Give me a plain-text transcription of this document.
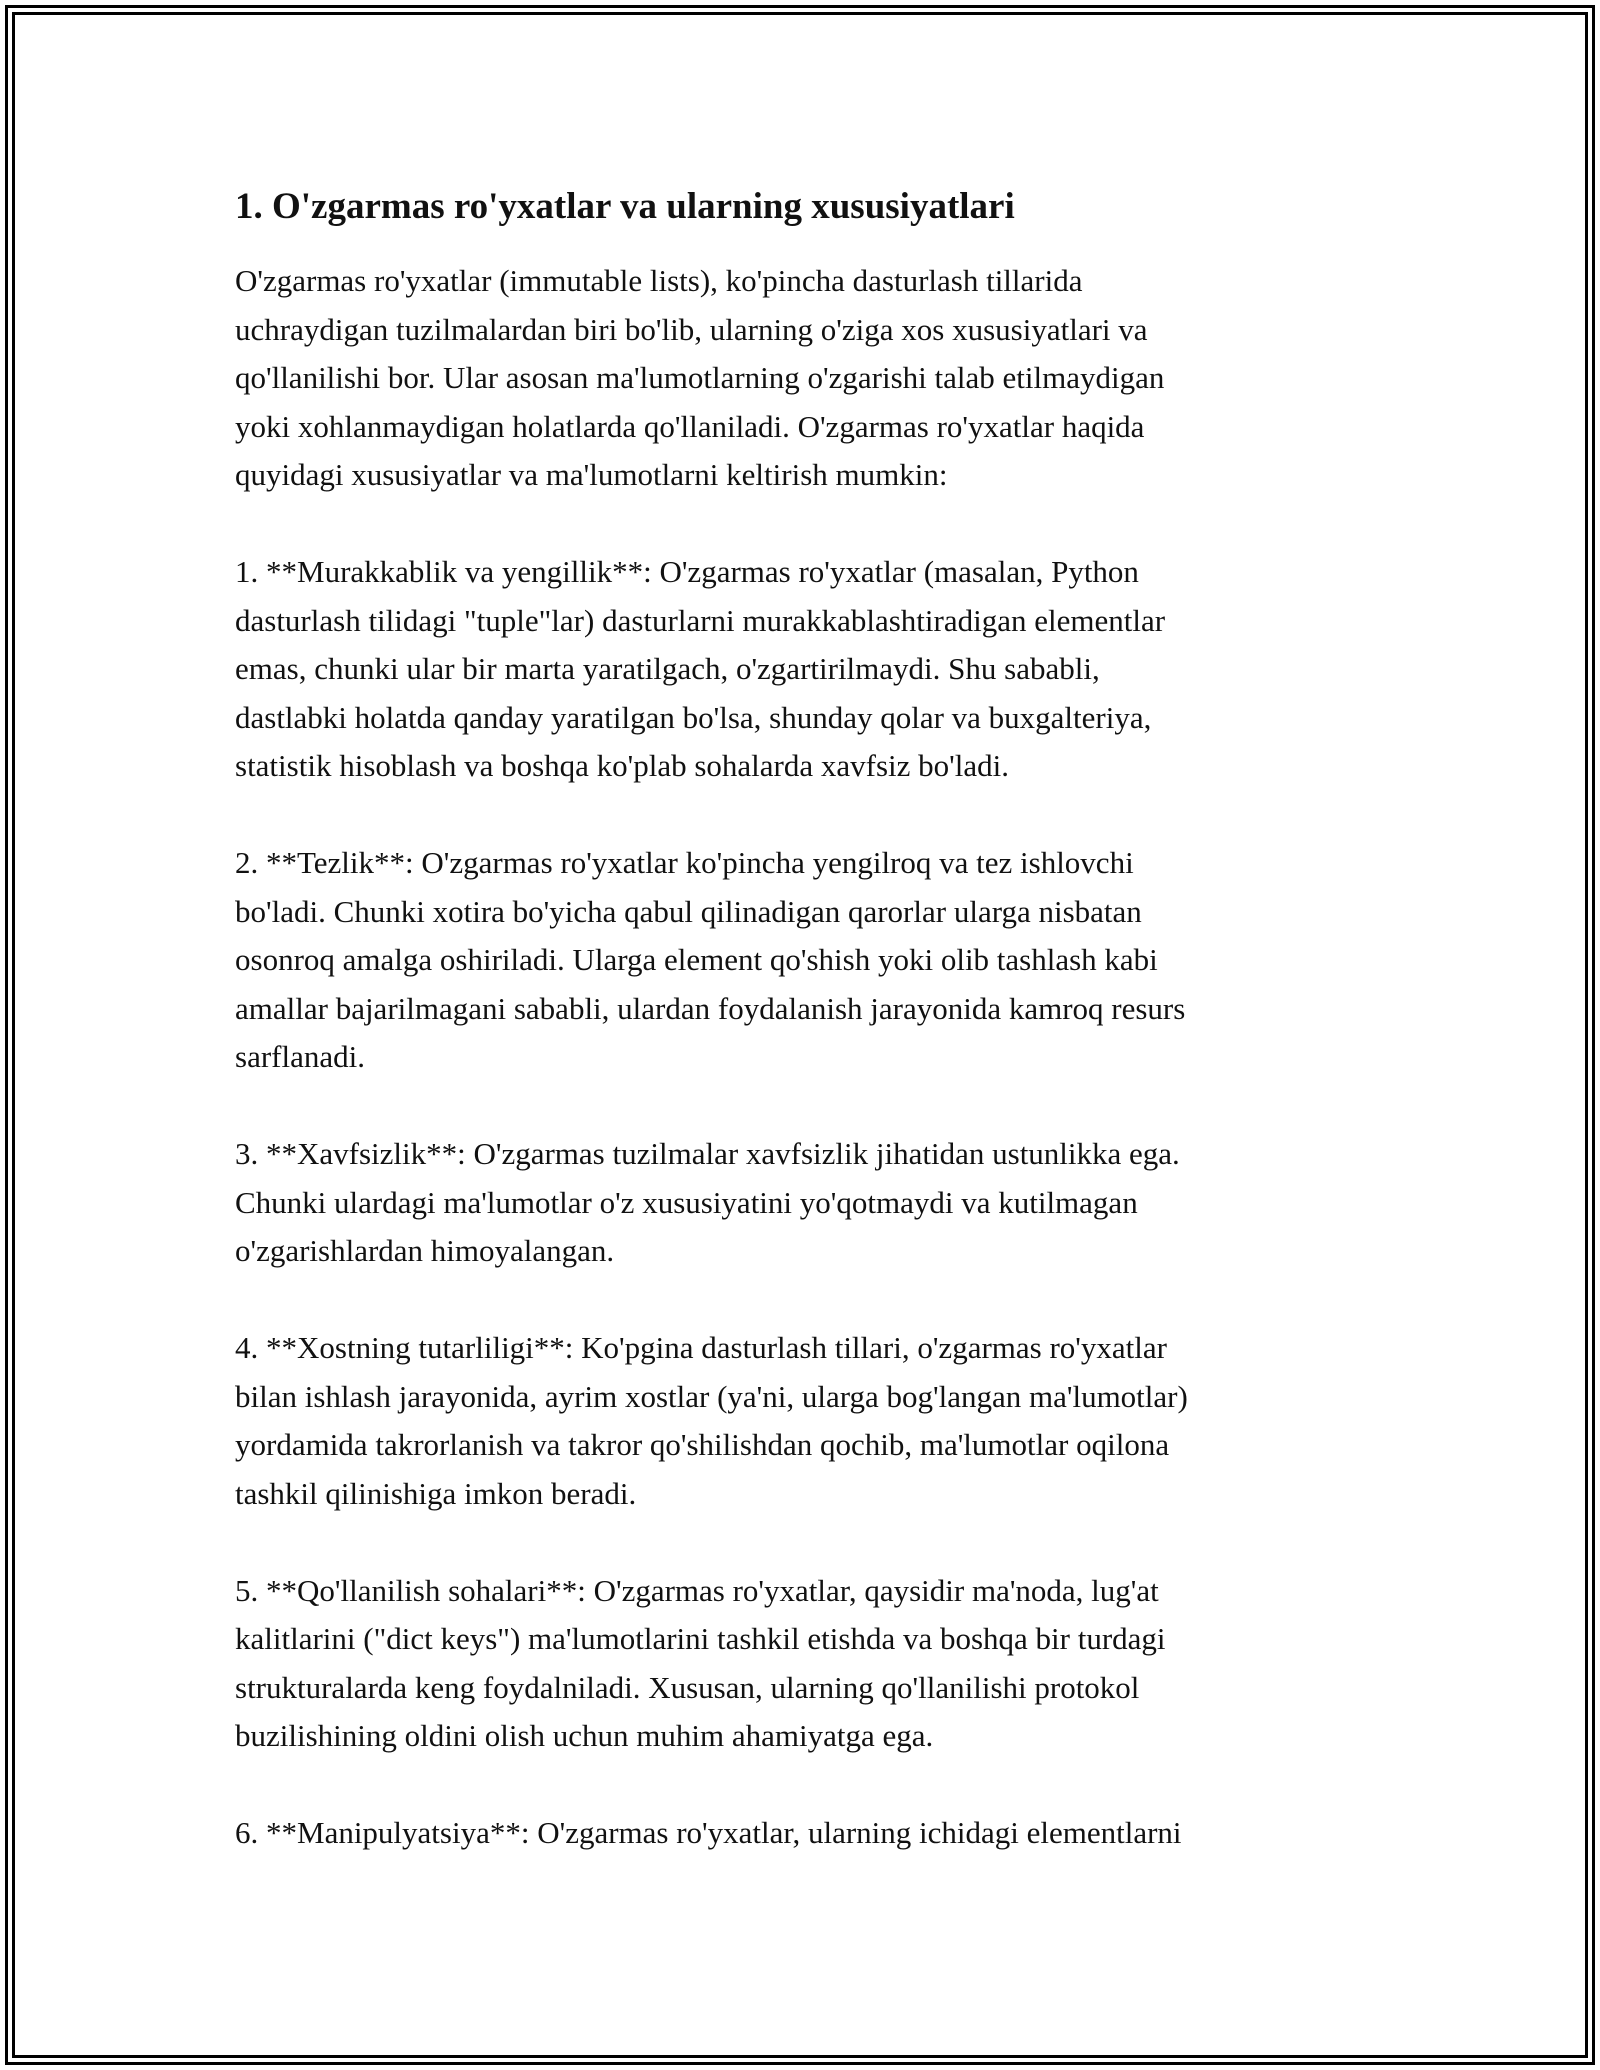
1. O'zgarmas ro'yxatlar va ularning xususiyatlari

O'zgarmas ro'yxatlar (immutable lists), ko'pincha dasturlash tillarida
uchraydigan tuzilmalardan biri bo'lib, ularning o'ziga xos xususiyatlari va
qo'llanilishi bor. Ular asosan ma'lumotlarning o'zgarishi talab etilmaydigan
yoki xohlanmaydigan holatlarda qo'llaniladi. O'zgarmas ro'yxatlar haqida
quyidagi xususiyatlar va ma'lumotlarni keltirish mumkin:

1. **Murakkablik va yengillik**: O'zgarmas ro'yxatlar (masalan, Python
dasturlash tilidagi "tuple"lar) dasturlarni murakkablashtiradigan elementlar
emas, chunki ular bir marta yaratilgach, o'zgartirilmaydi. Shu sababli,
dastlabki holatda qanday yaratilgan bo'lsa, shunday qolar va buxgalteriya,
statistik hisoblash va boshqa ko'plab sohalarda xavfsiz bo'ladi.

2. **Tezlik**: O'zgarmas ro'yxatlar ko'pincha yengilroq va tez ishlovchi
bo'ladi. Chunki xotira bo'yicha qabul qilinadigan qarorlar ularga nisbatan
osonroq amalga oshiriladi. Ularga element qo'shish yoki olib tashlash kabi
amallar bajarilmagani sababli, ulardan foydalanish jarayonida kamroq resurs
sarflanadi.

3. **Xavfsizlik**: O'zgarmas tuzilmalar xavfsizlik jihatidan ustunlikka ega.
Chunki ulardagi ma'lumotlar o'z xususiyatini yo'qotmaydi va kutilmagan
o'zgarishlardan himoyalangan.

4. **Xostning tutarliligi**: Ko'pgina dasturlash tillari, o'zgarmas ro'yxatlar
bilan ishlash jarayonida, ayrim xostlar (ya'ni, ularga bog'langan ma'lumotlar)
yordamida takrorlanish va takror qo'shilishdan qochib, ma'lumotlar oqilona
tashkil qilinishiga imkon beradi.

5. **Qo'llanilish sohalari**: O'zgarmas ro'yxatlar, qaysidir ma'noda, lug'at
kalitlarini ("dict keys") ma'lumotlarini tashkil etishda va boshqa bir turdagi
strukturalarda keng foydalniladi. Xususan, ularning qo'llanilishi protokol
buzilishining oldini olish uchun muhim ahamiyatga ega.

6. **Manipulyatsiya**: O'zgarmas ro'yxatlar, ularning ichidagi elementlarni
